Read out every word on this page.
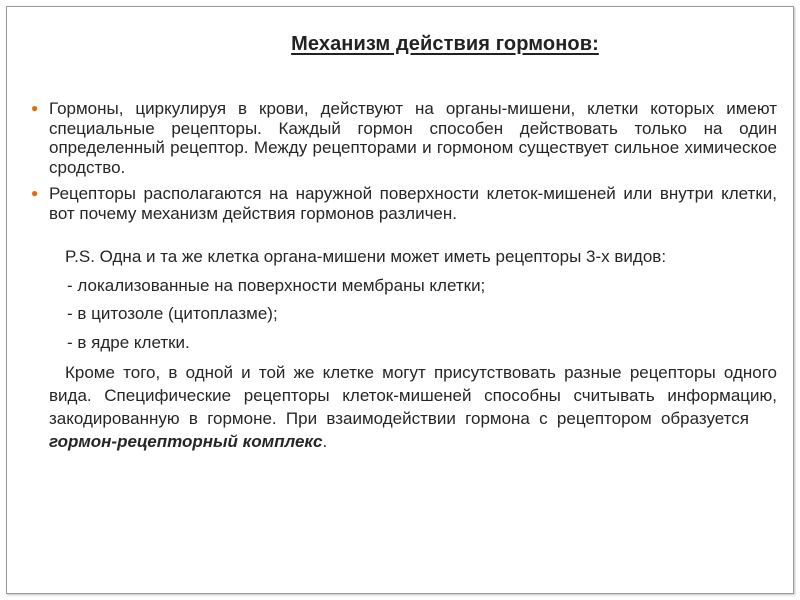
Механизм действия гормонов:
● Гормоны, циркулируя в крови, действуют на органы-мишени, клетки которых имеют специальные рецепторы. Каждый гормон способен действовать только на один определенный рецептор. Между рецепторами и гормоном существует сильное химическое сродство.
● Рецепторы располагаются на наружной поверхности клеток-мишеней или внутри клетки, вот почему механизм действия гормонов различен.
P.S. Одна и та же клетка органа-мишени может иметь рецепторы 3-х видов:
- локализованные на поверхности мембраны клетки;
- в цитозоле (цитоплазме);
- в ядре клетки.
Кроме того, в одной и той же клетке могут присутствовать разные рецепторы одного вида. Специфические рецепторы клеток-мишеней способны считывать информацию, закодированную в гормоне. При взаимодействии гормона с рецептором образуетсягормон-рецепторный комплекс.
